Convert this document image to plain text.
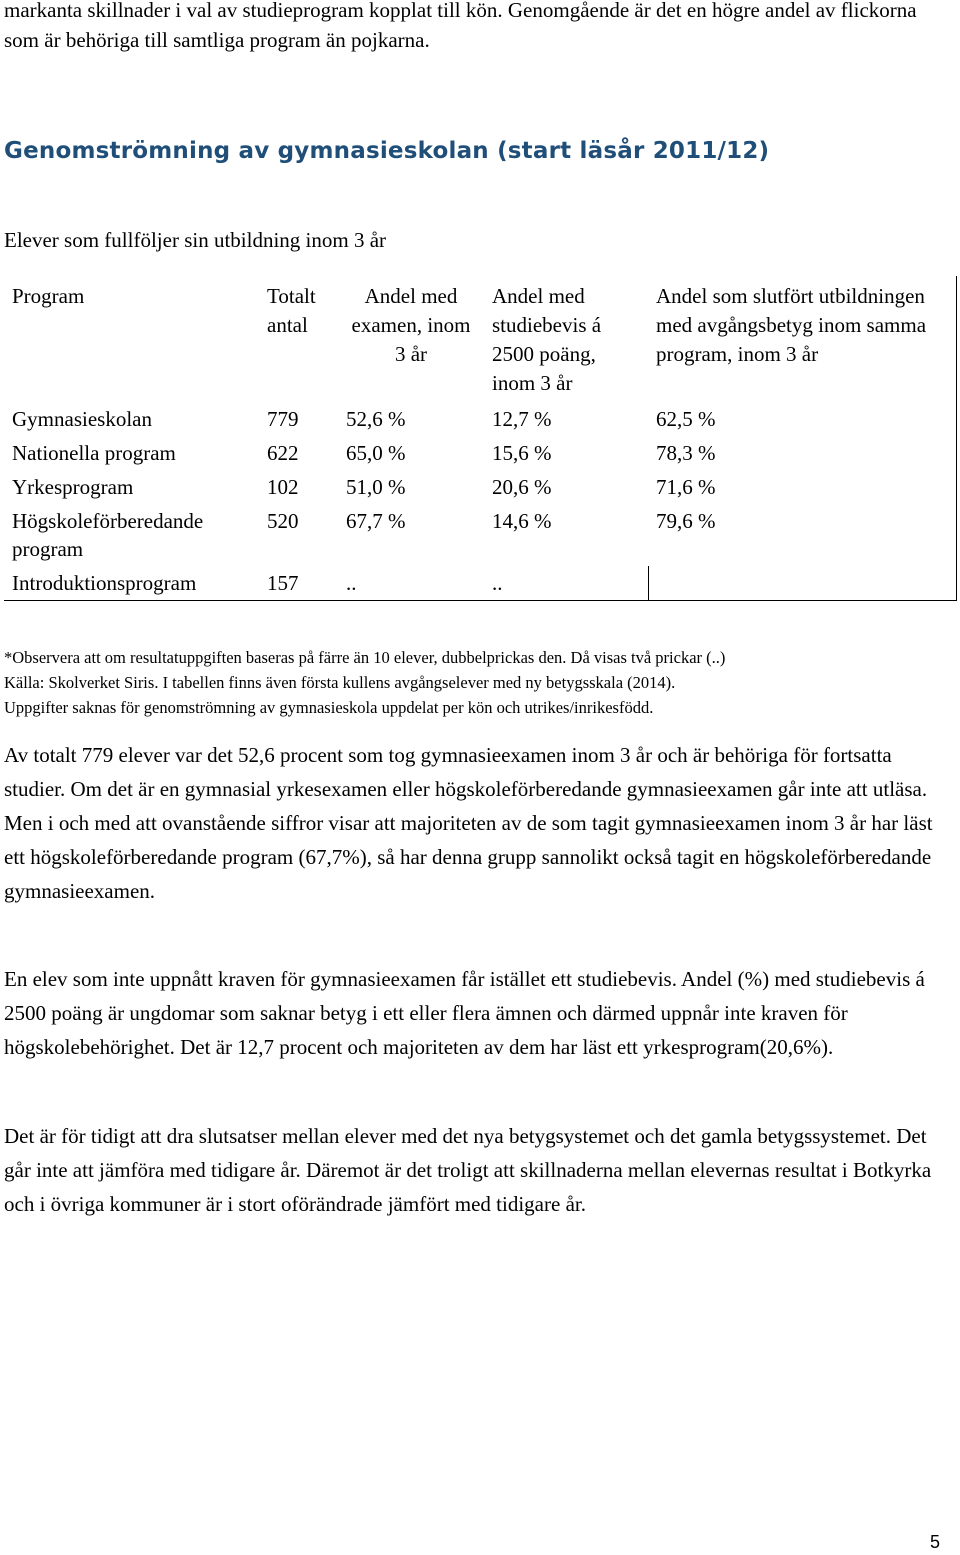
markanta skillnader i val av studieprogram kopplat till kön. Genomgående är det en högre andel av flickorna som är behöriga till samtliga program än pojkarna.

Genomströmning av gymnasieskolan (start läsår 2011/12)

Elever som fullföljer sin utbildning inom 3 år

Program	Totalt antal	Andel med examen, inom 3 år	Andel med studiebevis á 2500 poäng, inom 3 år	Andel som slutfört utbildningen med avgångsbetyg inom samma program, inom 3 år
Gymnasieskolan	779	52,6 %	12,7 %	62,5 %
Nationella program	622	65,0 %	15,6 %	78,3 %
Yrkesprogram	102	51,0 %	20,6 %	71,6 %
Högskoleförberedande program	520	67,7 %	14,6 %	79,6 %
Introduktionsprogram	157	..	..	
*Observera att om resultatuppgiften baseras på färre än 10 elever, dubbelprickas den. Då visas två prickar (..)
Källa: Skolverket Siris. I tabellen finns även första kullens avgångselever med ny betygsskala (2014).
Uppgifter saknas för genomströmning av gymnasieskola uppdelat per kön och utrikes/inrikesfödd.

Av totalt 779 elever var det 52,6 procent som tog gymnasieexamen inom 3 år och är behöriga för fortsatta studier. Om det är en gymnasial yrkesexamen eller högskoleförberedande gymnasieexamen går inte att utläsa. Men i och med att ovanstående siffror visar att majoriteten av de som tagit gymnasieexamen inom 3 år har läst ett högskoleförberedande program (67,7%), så har denna grupp sannolikt också tagit en högskoleförberedande gymnasieexamen.

En elev som inte uppnått kraven för gymnasieexamen får istället ett studiebevis. Andel (%) med studiebevis á 2500 poäng är ungdomar som saknar betyg i ett eller flera ämnen och därmed uppnår inte kraven för högskolebehörighet. Det är 12,7 procent och majoriteten av dem har läst ett yrkesprogram(20,6%).

Det är för tidigt att dra slutsatser mellan elever med det nya betygsystemet och det gamla betygssystemet. Det går inte att jämföra med tidigare år. Däremot är det troligt att skillnaderna mellan elevernas resultat i Botkyrka och i övriga kommuner är i stort oförändrade jämfört med tidigare år.

5
